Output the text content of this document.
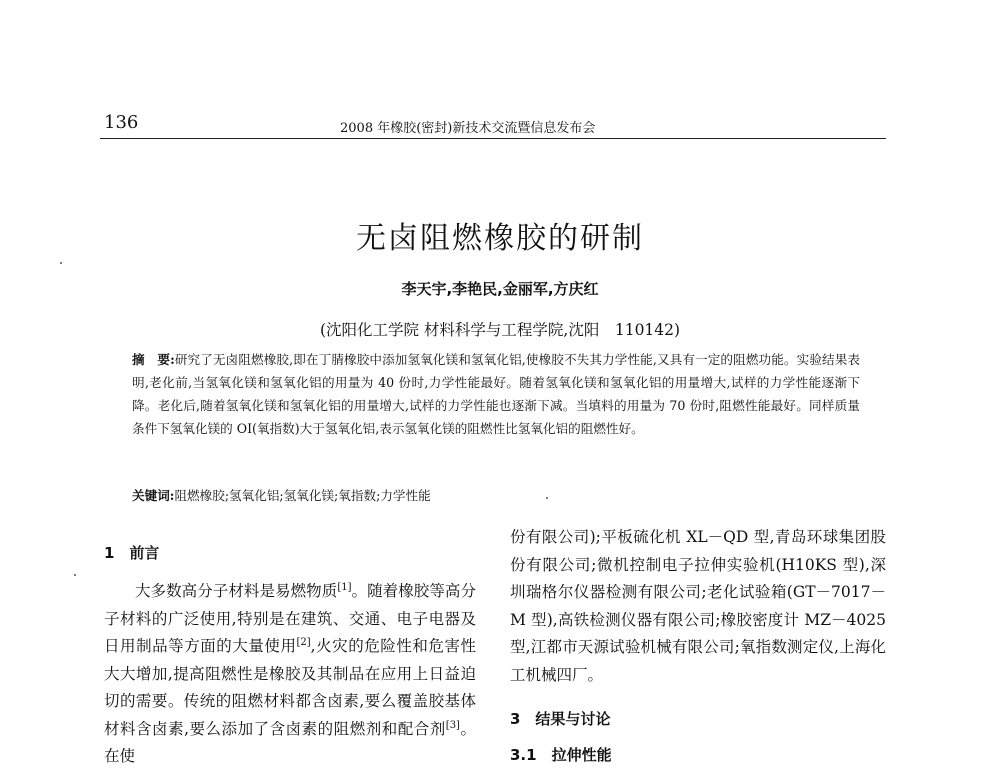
136	2008 年橡胶(密封)新技术交流暨信息发布会
无卤阻燃橡胶的研制
李天宇,李艳民,金丽军,方庆红
(沈阳化工学院 材料科学与工程学院,沈阳　110142)
摘　要:研究了无卤阻燃橡胶,即在丁腈橡胶中添加氢氧化镁和氢氧化铝,使橡胶不失其力学性能,又具有一定的阻燃功能。实验结果表明,老化前,当氢氧化镁和氢氧化铝的用量为 40 份时,力学性能最好。随着氢氧化镁和氢氧化铝的用量增大,试样的力学性能逐渐下降。老化后,随着氢氧化镁和氢氧化铝的用量增大,试样的力学性能也逐渐下减。当填料的用量为 70 份时,阻燃性能最好。同样质量条件下氢氧化镁的 OI(氧指数)大于氢氧化铝,表示氢氧化镁的阻燃性比氢氧化铝的阻燃性好。
关键词:阻燃橡胶;氢氧化铝;氢氧化镁;氧指数;力学性能
1　前言

大多数高分子材料是易燃物质[1]。随着橡胶等高分子材料的广泛使用,特别是在建筑、交通、电子电器及日用制品等方面的大量使用[2],火灾的危险性和危害性大大增加,提高阻燃性是橡胶及其制品在应用上日益迫切的需要。传统的阻燃材料都含卤素,要么覆盖胶基体材料含卤素,要么添加了含卤素的阻燃剂和配合剂[3]。在使

份有限公司);平板硫化机 XL－QD 型,青岛环球集团股份有限公司;微机控制电子拉伸实验机(H10KS 型),深圳瑞格尔仪器检测有限公司;老化试验箱(GT－7017－M 型),高铁检测仪器有限公司;橡胶密度计 MZ－4025 型,江都市天源试验机械有限公司;氧指数测定仪,上海化工机械四厂。

3　结果与讨论
3.1　拉伸性能
